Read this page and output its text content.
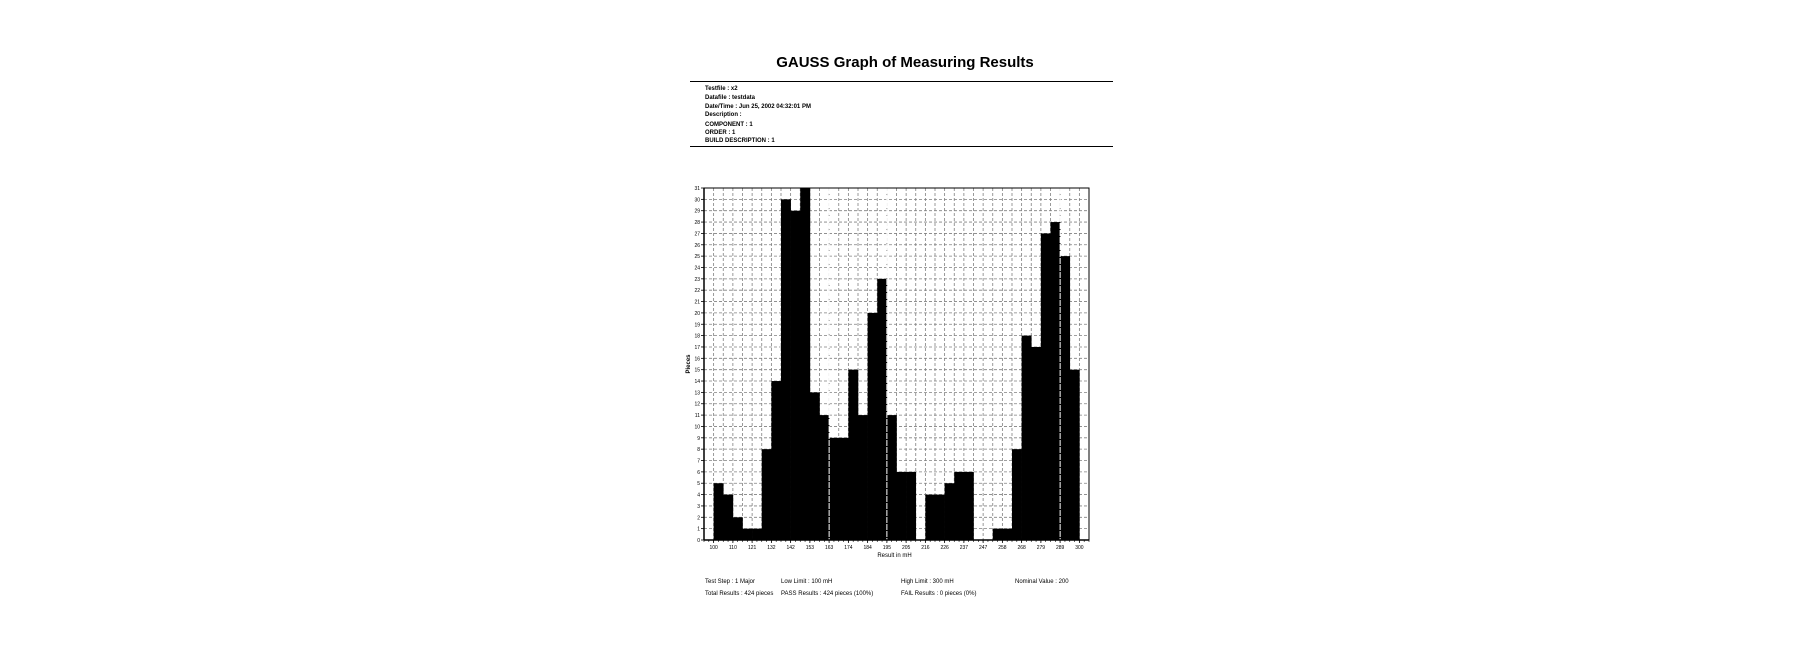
GAUSS Graph of Measuring Results
Testfile : x2
Datafile : testdata
Date/Time : Jun 25, 2002 04:32:01 PM
Description :
COMPONENT : 1
ORDER : 1
BUILD DESCRIPTION : 1
0
1
2
3
4
5
6
7
8
9
10
11
12
13
14
15
16
17
18
19
20
21
22
23
24
25
26
27
28
29
30
31
100 110 121 132 142 153 163 174 184 195 205 216 226 237 247 258 268 279 289 300
Result in mH
Pieces
Test Step : 1 Major	Low Limit : 100 mH	High Limit : 300 mH	Nominal Value : 200
Total Results : 424 pieces PASS Results : 424 pieces (100%)	FAIL Results : 0 pieces (0%)
